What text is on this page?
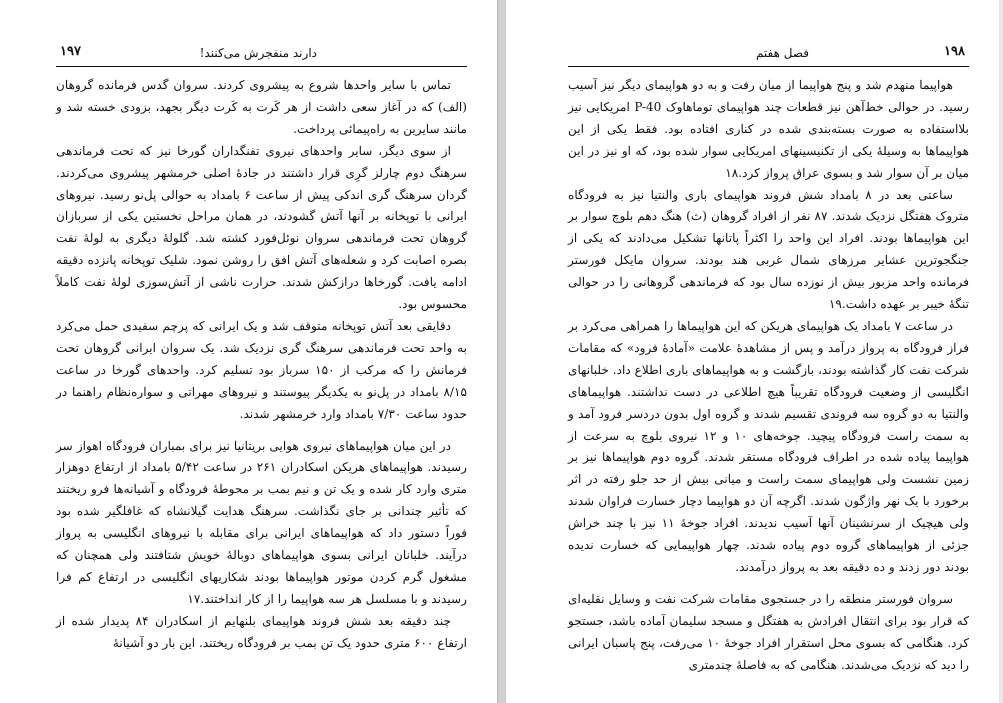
فصل هفتم	۱۹۸

هواپیما منهدم شد و پنج هواپیما از میان رفت و به دو هواپیمای دیگر نیز آسیب رسید. در حوالی خط‌آهن نیز قطعات چند هواپیمای توماهاوک P-40 امریکایی نیز بلااستفاده به صورت بسته‌بندی شده در کناری افتاده بود. فقط یکی از این هواپیماها به وسیلهٔ یکی از تکنیسینهای امریکایی سوار شده بود، که او نیز در این میان بر آن سوار شد و بسوی عراق پرواز کرد.۱۸

ساعتی بعد در ۸ بامداد شش فروند هواپیمای باری والنتیا نیز به فرودگاه متروک هفتگل نزدیک شدند. ۸۷ نفر از افراد گروهان (ث) هنگ دهم بلوچ سوار بر این هواپیماها بودند. افراد این واحد را اکثراً پاتانها تشکیل می‌دادند که یکی از جنگجوترین عشایر مرزهای شمال غربی هند بودند. سروان مایکل فورستر فرمانده واحد مزبور بیش از نوزده سال بود که فرماندهی گروهانی را در حوالی تنگهٔ خیبر بر عهده داشت.۱۹

در ساعت ۷ بامداد یک هواپیمای هریکن که این هواپیماها را همراهی می‌کرد بر فراز فرودگاه به پرواز درآمد و پس از مشاهدهٔ علامت «آمادهٔ فرود» که مقامات شرکت نفت کار گذاشته بودند، بازگشت و به هواپیماهای باری اطلاع داد. خلبانهای انگلیسی از وضعیت فرودگاه تقریباً هیچ اطلاعی در دست نداشتند. هواپیماهای والنتیا به دو گروه سه فروندی تقسیم شدند و گروه اول بدون دردسر فرود آمد و به سمت راست فرودگاه پیچید. جوخه‌های ۱۰ و ۱۲ نیروی بلوچ به سرعت از هواپیما پیاده شده در اطراف فرودگاه مستقر شدند. گروه دوم هواپیماها نیز بر زمین نشست ولی هواپیمای سمت راست و میانی بیش از حد جلو رفته در اثر برخورد با یک نهر واژگون شدند. اگرچه آن دو هواپیما دچار خسارت فراوان شدند ولی هیچیک از سرنشینان آنها آسیب ندیدند. افراد جوخهٔ ۱۱ نیز با چند خراش جزئی از هواپیماهای گروه دوم پیاده شدند. چهار هواپیمایی که خسارت ندیده بودند دور زدند و ده دقیقه بعد به پرواز درآمدند.

سروان فورستر منطقه را در جستجوی مقامات شرکت نفت و وسایل نقلیه‌ای که قرار بود برای انتقال افرادش به هفتگل و مسجد سلیمان آماده باشد، جستجو کرد. هنگامی که بسوی محل استقرار افراد جوخهٔ ۱۰ می‌رفت، پنج پاسبان ایرانی را دید که نزدیک می‌شدند. هنگامی که به فاصلهٔ چندمتری

دارند منفجرش می‌کنند!
۱۹۷

تماس با سایر واحدها شروع به پیشروی کردند. سروان گدس فرمانده گروهان (الف) که در آغاز سعی داشت از هر کَرت به کَرت دیگر بجهد، بزودی خسته شد و مانند سایرین به راه‌پیمائی پرداخت.

از سوی دیگر، سایر واحدهای نیروی تفنگداران گورخا نیز که تحت فرماندهی سرهنگ دوم چارلز گرِی قرار داشتند در جادهٔ اصلی خرمشهر پیشروی می‌کردند. گردان سرهنگ گری اندکی پیش از ساعت ۶ بامداد به حوالی پل‌نو رسید. نیروهای ایرانی با توپخانه بر آنها آتش گشودند، در همان مراحل نخستین یکی از سربازان گروهان تحت فرماندهی سروان نوئل‌فورد کشته شد. گلولهٔ دیگری به لولهٔ نفت بصره اصابت کرد و شعله‌های آتش افق را روشن نمود. شلیک توپخانه پانزده دقیقه ادامه یافت. گورخاها درازکش شدند. حرارت ناشی از آتش‌سوزی لولهٔ نفت کاملاً محسوس بود.

دقایقی بعد آتش توپخانه متوقف شد و یک ایرانی که پرچم سفیدی حمل می‌کرد به واحد تحت فرماندهی سرهنگ گری نزدیک شد. یک سروان ایرانی گروهان تحت فرمانش را که مرکب از ۱۵۰ سرباز بود تسلیم کرد. واحدهای گورخا در ساعت ۸/۱۵ بامداد در پل‌نو به یکدیگر پیوستند و نیروهای مهراتی و سواره‌نظام راهنما در حدود ساعت ۷/۳۰ بامداد وارد خرمشهر شدند.

در این میان هواپیماهای نیروی هوایی بریتانیا نیز برای بمباران فرودگاه اهواز سر رسیدند. هواپیماهای هریکن اسکادران ۲۶۱ در ساعت ۵/۴۲ بامداد از ارتفاع دوهزار متری وارد کار شده و یک تن و نیم بمب بر محوطهٔ فرودگاه و آشیانه‌ها فرو ریختند که تأثیر چندانی بر جای نگذاشت. سرهنگ هدایت گیلانشاه که غافلگیر شده بود فوراً دستور داد که هواپیماهای ایرانی برای مقابله با نیروهای انگلیسی به پرواز درآیند. خلبانان ایرانی بسوی هواپیماهای دوبالهٔ خویش شتافتند ولی همچنان که مشغول گرم کردن موتور هواپیماها بودند شکاریهای انگلیسی در ارتفاع کم فرا رسیدند و با مسلسل هر سه هواپیما را از کار انداختند.۱۷

چند دقیقه بعد شش فروند هواپیمای بلنهایم از اسکادران ۸۴ پدیدار شده از ارتفاع ۶۰۰ متری حدود یک تن بمب بر فرودگاه ریختند. این بار دو آشیانهٔ
